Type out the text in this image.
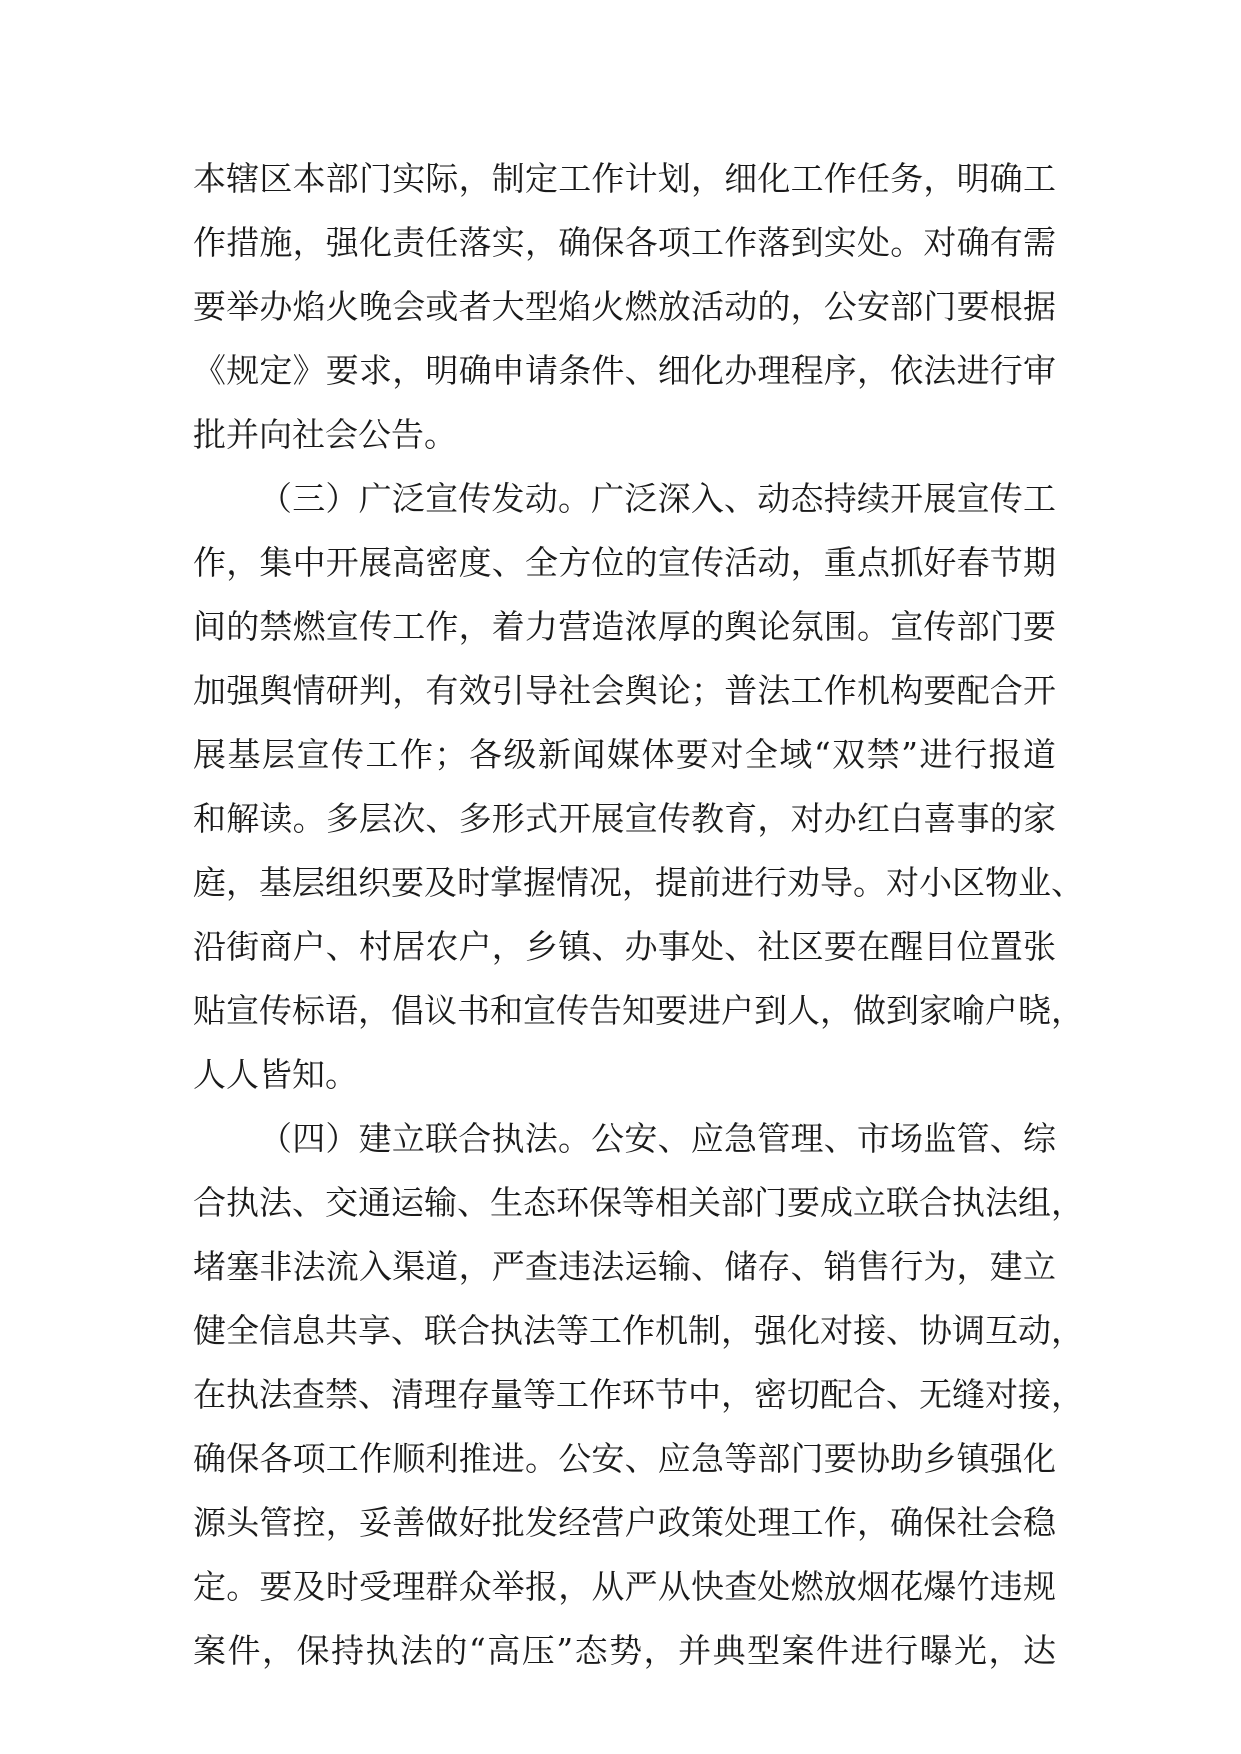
本辖区本部门实际，制定工作计划，细化工作任务，明确工
作措施，强化责任落实，确保各项工作落到实处。对确有需
要举办焰火晚会或者大型焰火燃放活动的，公安部门要根据
《规定》要求，明确申请条件、细化办理程序，依法进行审
批并向社会公告。
（三）广泛宣传发动。广泛深入、动态持续开展宣传工
作，集中开展高密度、全方位的宣传活动，重点抓好春节期
间的禁燃宣传工作，着力营造浓厚的舆论氛围。宣传部门要
加强舆情研判，有效引导社会舆论；普法工作机构要配合开
展基层宣传工作；各级新闻媒体要对全域“双禁”进行报道
和解读。多层次、多形式开展宣传教育，对办红白喜事的家
庭，基层组织要及时掌握情况，提前进行劝导。对小区物业、
沿街商户、村居农户，乡镇、办事处、社区要在醒目位置张
贴宣传标语，倡议书和宣传告知要进户到人，做到家喻户晓，
人人皆知。
（四）建立联合执法。公安、应急管理、市场监管、综
合执法、交通运输、生态环保等相关部门要成立联合执法组，
堵塞非法流入渠道，严查违法运输、储存、销售行为，建立
健全信息共享、联合执法等工作机制，强化对接、协调互动，
在执法查禁、清理存量等工作环节中，密切配合、无缝对接，
确保各项工作顺利推进。公安、应急等部门要协助乡镇强化
源头管控，妥善做好批发经营户政策处理工作，确保社会稳
定。要及时受理群众举报，从严从快查处燃放烟花爆竹违规
案件，保持执法的“高压”态势，并典型案件进行曝光，达
